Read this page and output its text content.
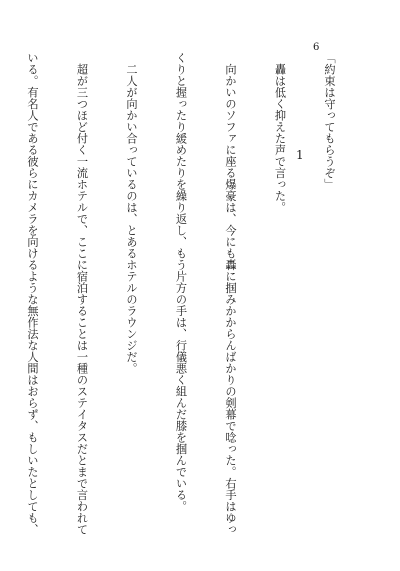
6
1

「約束は守ってもらうぞ」

　轟は低く抑えた声で言った。

　向かいのソファに座る爆豪は、今にも轟に掴みかからんばかりの剣幕で唸った。右手はゆっ

くりと握ったり緩めたりを繰り返し、もう片方の手は、行儀悪く組んだ膝を掴んでいる。

　二人が向かい合っているのは、とあるホテルのラウンジだ。

　超が三つほど付く一流ホテルで、ここに宿泊することは一種のステイタスだとまで言われて

いる。有名人である彼らにカメラを向けるような無作法な人間はおらず、もしいたとしても、
